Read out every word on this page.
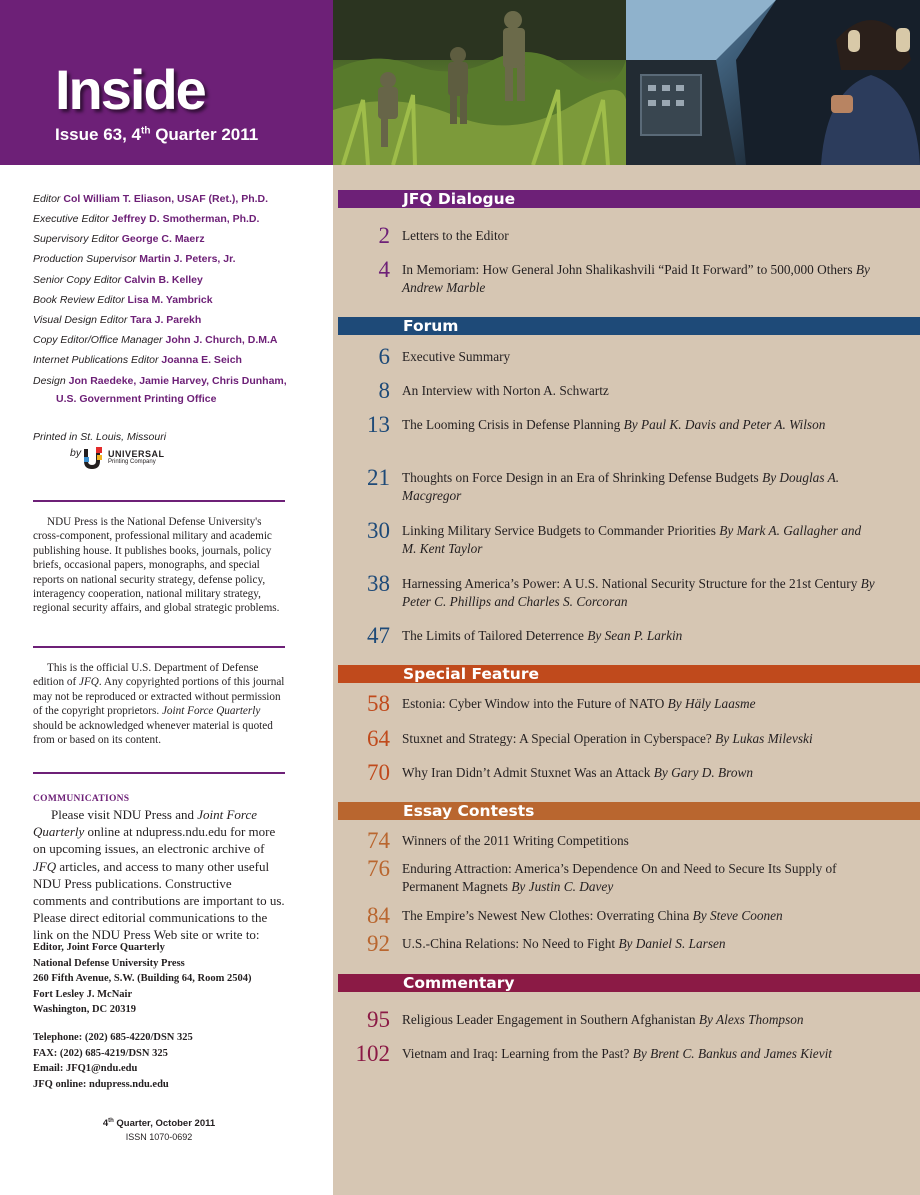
Inside
Issue 63, 4th Quarter 2011
Editor Col William T. Eliason, USAF (Ret.), Ph.D.
Executive Editor Jeffrey D. Smotherman, Ph.D.
Supervisory Editor George C. Maerz
Production Supervisor Martin J. Peters, Jr.
Senior Copy Editor Calvin B. Kelley
Book Review Editor Lisa M. Yambrick
Visual Design Editor Tara J. Parekh
Copy Editor/Office Manager John J. Church, D.M.A
Internet Publications Editor Joanna E. Seich
Design Jon Raedeke, Jamie Harvey, Chris Dunham,
U.S. Government Printing Office
Printed in St. Louis, Missouri
by	UNIVERSAL
Printing Company
NDU Press is the National Defense University's cross-component, professional military and academic publishing house. It publishes books, journals, policy briefs, occasional papers, monographs, and special reports on national security strategy, defense policy, interagency cooperation, national military strategy, regional security affairs, and global strategic problems.
This is the official U.S. Department of Defense edition of JFQ. Any copyrighted portions of this journal may not be reproduced or extracted without permission of the copyright proprietors. Joint Force Quarterly should be acknowledged whenever material is quoted from or based on its content.
COMMUNICATIONS
Please visit NDU Press and Joint Force Quarterly online at ndupress.ndu.edu for more on upcoming issues, an electronic archive of JFQ articles, and access to many other useful NDU Press publications. Constructive comments and contributions are important to us. Please direct editorial communications to the link on the NDU Press Web site or write to:
Editor, Joint Force Quarterly
National Defense University Press
260 Fifth Avenue, S.W. (Building 64, Room 2504)
Fort Lesley J. McNair
Washington, DC 20319
Telephone: (202) 685-4220/DSN 325
FAX: (202) 685-4219/DSN 325
Email: JFQ1@ndu.edu
JFQ online: ndupress.ndu.edu
4th Quarter, October 2011
ISSN 1070-0692
JFQ Dialogue
2 Letters to the Editor
4 In Memoriam: How General John Shalikashvili “Paid It Forward” to 500,000 Others By Andrew Marble
Forum
6 Executive Summary
8 An Interview with Norton A. Schwartz
13 The Looming Crisis in Defense Planning By Paul K. Davis and Peter A. Wilson
21 Thoughts on Force Design in an Era of Shrinking Defense Budgets By Douglas A. Macgregor
30 Linking Military Service Budgets to Commander Priorities By Mark A. Gallagher and M. Kent Taylor
38 Harnessing America’s Power: A U.S. National Security Structure for the 21st Century By Peter C. Phillips and Charles S. Corcoran
47 The Limits of Tailored Deterrence By Sean P. Larkin
Special Feature
58 Estonia: Cyber Window into the Future of NATO By Häly Laasme
64 Stuxnet and Strategy: A Special Operation in Cyberspace? By Lukas Milevski
70 Why Iran Didn’t Admit Stuxnet Was an Attack By Gary D. Brown
Essay Contests
74 Winners of the 2011 Writing Competitions
76 Enduring Attraction: America’s Dependence On and Need to Secure Its Supply of Permanent Magnets By Justin C. Davey
84 The Empire’s Newest New Clothes: Overrating China By Steve Coonen
92 U.S.-China Relations: No Need to Fight By Daniel S. Larsen
Commentary
95 Religious Leader Engagement in Southern Afghanistan By Alexs Thompson
102 Vietnam and Iraq: Learning from the Past? By Brent C. Bankus and James Kievit
